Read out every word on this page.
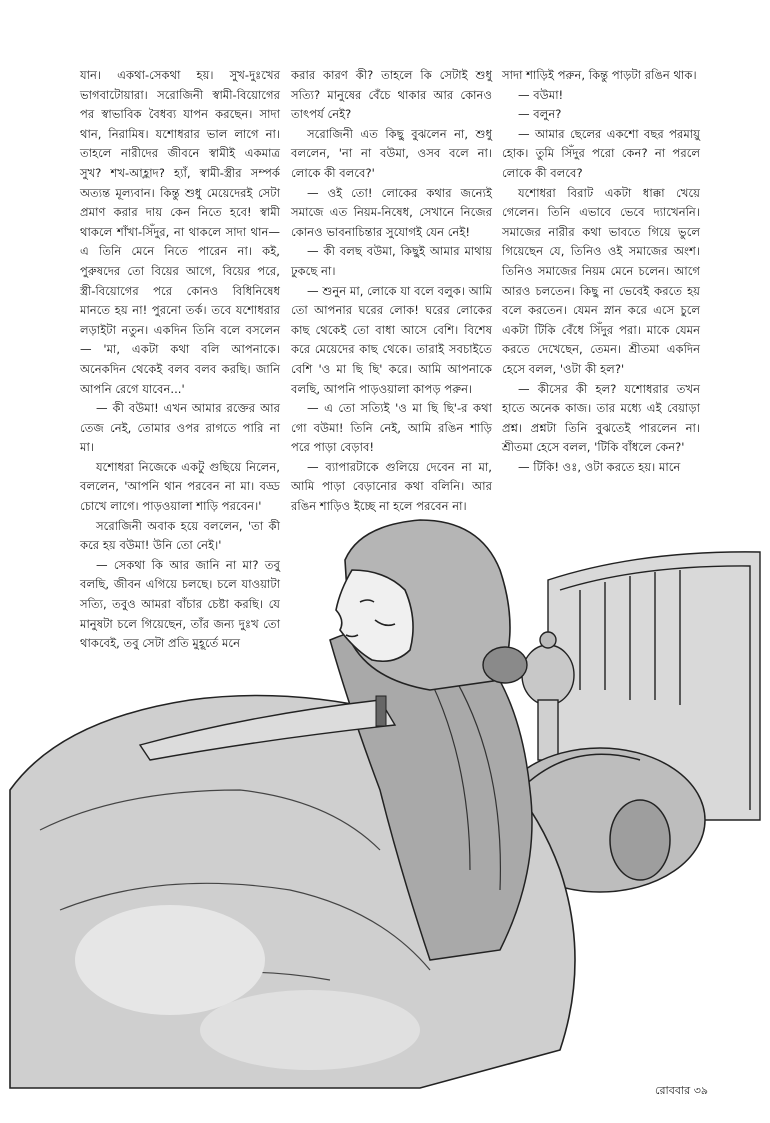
যান। একথা-সেকথা হয়। সুখ-দুঃখের ভাগবাটোয়ারা। সরোজিনী স্বামী-বিয়োগের পর স্বাভাবিক বৈধব্য যাপন করছেন। সাদা থান, নিরামিষ। যশোধরার ভাল লাগে না। তাহলে নারীদের জীবনে স্বামীই একমাত্র সুখ? শখ-আহ্লাদ? হ্যাঁ, স্বামী-স্ত্রীর সম্পর্ক অত্যন্ত মূল্যবান। কিন্তু শুধু মেয়েদেরই সেটা প্রমাণ করার দায় কেন নিতে হবে! স্বামী থাকলে শাঁখা-সিঁদুর, না থাকলে সাদা থান— এ তিনি মেনে নিতে পারেন না। কই, পুরুষদের তো বিয়ের আগে, বিয়ের পরে, স্ত্রী-বিয়োগের পরে কোনও বিধিনিষেধ মানতে হয় না! পুরনো তর্ক। তবে যশোধরার লড়াইটা নতুন। একদিন তিনি বলে বসলেন— 'মা, একটা কথা বলি আপনাকে। অনেকদিন থেকেই বলব বলব করছি। জানি আপনি রেগে যাবেন...'

— কী বউমা! এখন আমার রক্তের আর তেজ নেই, তোমার ওপর রাগতে পারি না মা।

যশোধরা নিজেকে একটু গুছিয়ে নিলেন, বললেন, 'আপনি থান পরবেন না মা। বড্ড চোখে লাগে। পাড়ওয়ালা শাড়ি পরবেন।'

সরোজিনী অবাক হয়ে বললেন, 'তা কী করে হয় বউমা! উনি তো নেই।'

— সেকথা কি আর জানি না মা? তবু বলছি, জীবন এগিয়ে চলছে। চলে যাওয়াটা সত্যি, তবুও আমরা বাঁচার চেষ্টা করছি। যে মানুষটা চলে গিয়েছেন, তাঁর জন্য দুঃখ তো থাকবেই, তবু সেটা প্রতি মুহূর্তে মনে

করার কারণ কী? তাহলে কি সেটাই শুধু সত্যি? মানুষের বেঁচে থাকার আর কোনও তাৎপর্য নেই?

সরোজিনী এত কিছু বুঝলেন না, শুধু বললেন, 'না না বউমা, ওসব বলে না। লোকে কী বলবে?'

— ওই তো! লোকের কথার জন্যেই সমাজে এত নিয়ম-নিষেধ, সেখানে নিজের কোনও ভাবনাচিন্তার সুযোগই যেন নেই!

— কী বলছ বউমা, কিছুই আমার মাথায় ঢুকছে না।

— শুনুন মা, লোকে যা বলে বলুক। আমি তো আপনার ঘরের লোক! ঘরের লোকের কাছ থেকেই তো বাধা আসে বেশি। বিশেষ করে মেয়েদের কাছ থেকে। তারাই সবচাইতে বেশি 'ও মা ছি ছি' করে। আমি আপনাকে বলছি, আপনি পাড়ওয়ালা কাপড় পরুন।

— এ তো সত্যিই 'ও মা ছি ছি'-র কথা গো বউমা! তিনি নেই, আমি রঙিন শাড়ি পরে পাড়া বেড়াব!

— ব্যাপারটাকে গুলিয়ে দেবেন না মা, আমি পাড়া বেড়ানোর কথা বলিনি। আর রঙিন শাড়িও ইচ্ছে না হলে পরবেন না।

সাদা শাড়িই পরুন, কিন্তু পাড়টা রঙিন থাক।

— বউমা!

— বলুন?

— আমার ছেলের একশো বছর পরমায়ু হোক। তুমি সিঁদুর পরো কেন? না পরলে লোকে কী বলবে?

যশোধরা বিরাট একটা ধাক্কা খেয়ে গেলেন। তিনি এভাবে ভেবে দ্যাখেননি। সমাজের নারীর কথা ভাবতে গিয়ে ভুলে গিয়েছেন যে, তিনিও ওই সমাজের অংশ। তিনিও সমাজের নিয়ম মেনে চলেন। আগে আরও চলতেন। কিছু না ভেবেই করতে হয় বলে করতেন। যেমন স্নান করে এসে চুলে একটা টিকি বেঁধে সিঁদুর পরা। মাকে যেমন করতে দেখেছেন, তেমন। শ্রীতমা একদিন হেসে বলল, 'ওটা কী হল?'

— কীসের কী হল? যশোধরার তখন হাতে অনেক কাজ। তার মধ্যে এই বেয়াড়া প্রশ্ন। প্রশ্নটা তিনি বুঝতেই পারলেন না। শ্রীতমা হেসে বলল, 'টিকি বাঁধলে কেন?'

— টিকি! ওঃ, ওটা করতে হয়। মানে

রোববার ৩৯
